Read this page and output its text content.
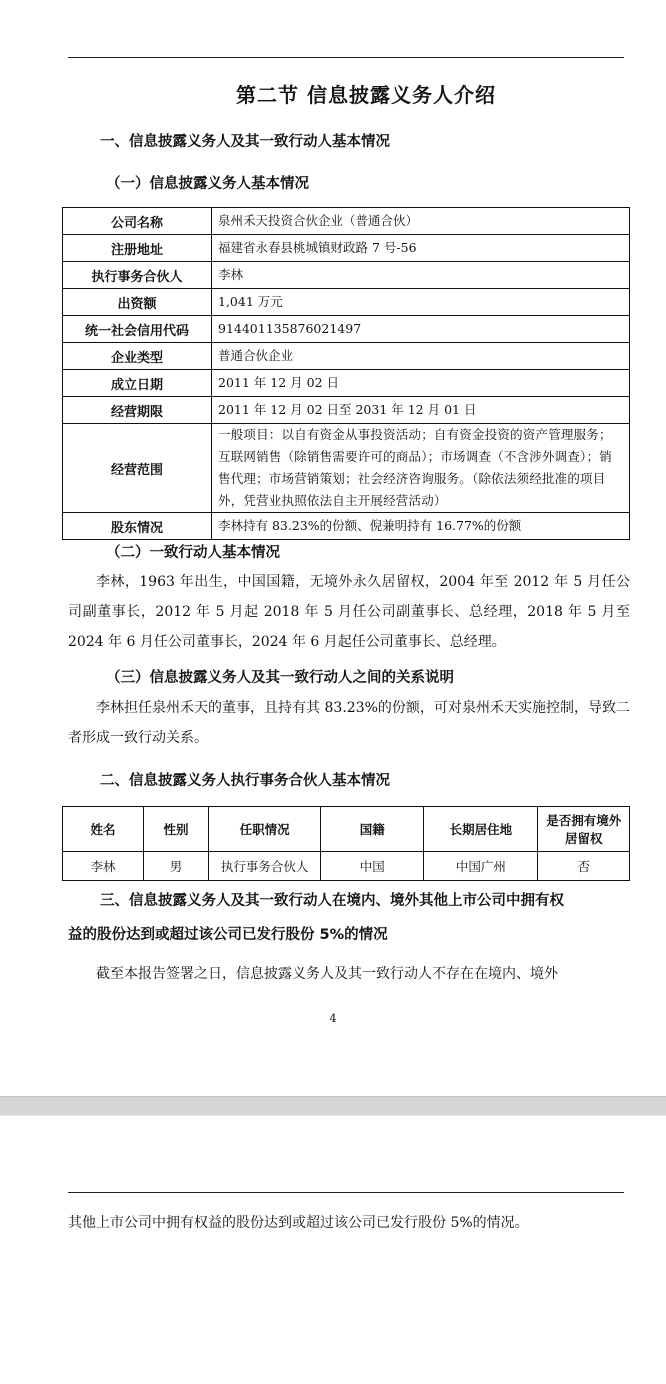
第二节 信息披露义务人介绍
一、信息披露义务人及其一致行动人基本情况
（一）信息披露义务人基本情况
公司名称	泉州禾天投资合伙企业（普通合伙）
注册地址	福建省永春县桃城镇财政路 7 号-56
执行事务合伙人	李林
出资额	1,041 万元
统一社会信用代码	914401135876021497
企业类型	普通合伙企业
成立日期	2011 年 12 月 02 日
经营期限	2011 年 12 月 02 日至 2031 年 12 月 01 日
经营范围	一般项目：以自有资金从事投资活动；自有资金投资的资产管理服务；互联网销售（除销售需要许可的商品）；市场调查（不含涉外调查）；销售代理；市场营销策划；社会经济咨询服务。（除依法须经批准的项目外，凭营业执照依法自主开展经营活动）
股东情况	李林持有 83.23%的份额、倪兼明持有 16.77%的份额
（二）一致行动人基本情况

李林，1963 年出生，中国国籍，无境外永久居留权，2004 年至 2012 年 5 月任公司副董事长，2012 年 5 月起 2018 年 5 月任公司副董事长、总经理，2018 年 5 月至 2024 年 6 月任公司董事长，2024 年 6 月起任公司董事长、总经理。

（三）信息披露义务人及其一致行动人之间的关系说明

李林担任泉州禾天的董事，且持有其 83.23%的份额，可对泉州禾天实施控制，导致二者形成一致行动关系。

二、信息披露义务人执行事务合伙人基本情况
姓名	性别	任职情况	国籍	长期居住地	是否拥有境外居留权
李林	男	执行事务合伙人	中国	中国广州	否
三、信息披露义务人及其一致行动人在境内、境外其他上市公司中拥有权
益的股份达到或超过该公司已发行股份 5%的情况

截至本报告签署之日，信息披露义务人及其一致行动人不存在在境内、境外

4
其他上市公司中拥有权益的股份达到或超过该公司已发行股份 5%的情况。
